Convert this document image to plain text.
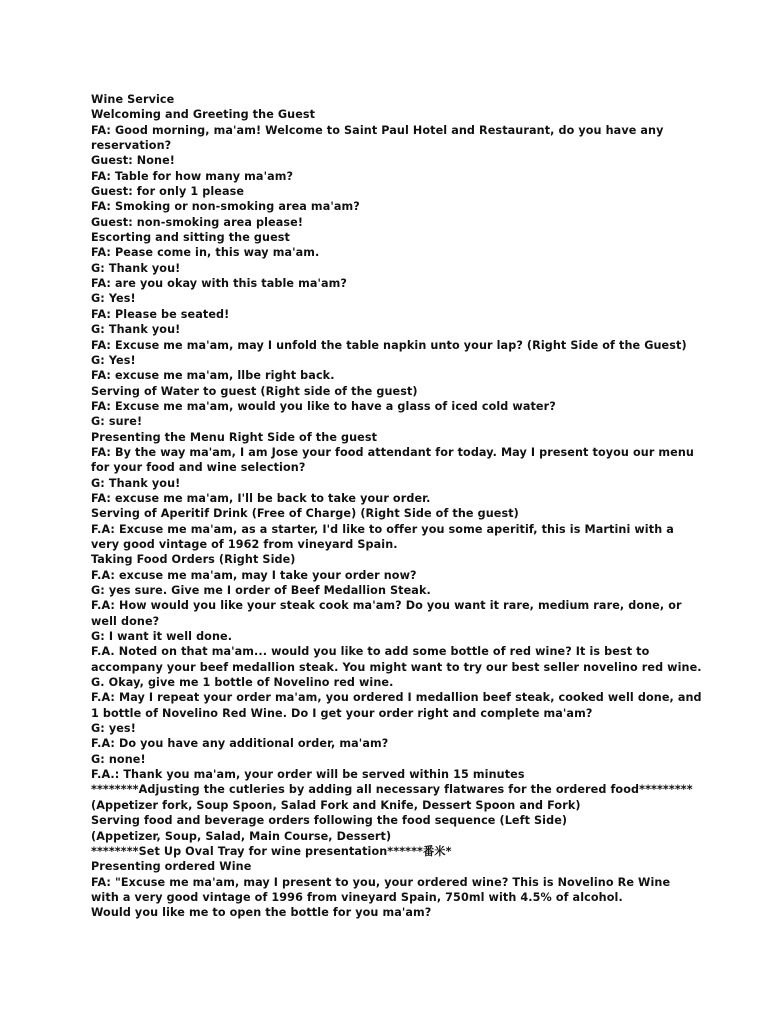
Wine Service
Welcoming and Greeting the Guest
FA: Good morning, ma'am! Welcome to Saint Paul Hotel and Restaurant, do you have any
reservation?
Guest: None!
FA: Table for how many ma'am?
Guest: for only 1 please
FA: Smoking or non-smoking area ma'am?
Guest: non-smoking area please!
Escorting and sitting the guest
FA: Pease come in, this way ma'am.
G: Thank you!
FA: are you okay with this table ma'am?
G: Yes!
FA: Please be seated!
G: Thank you!
FA: Excuse me ma'am, may I unfold the table napkin unto your lap? (Right Side of the Guest)
G: Yes!
FA: excuse me ma'am, llbe right back.
Serving of Water to guest (Right side of the guest)
FA: Excuse me ma'am, would you like to have a glass of iced cold water?
G: sure!
Presenting the Menu Right Side of the guest
FA: By the way ma'am, I am Jose your food attendant for today. May I present toyou our menu
for your food and wine selection?
G: Thank you!
FA: excuse me ma'am, I'll be back to take your order.
Serving of Aperitif Drink (Free of Charge) (Right Side of the guest)
F.A: Excuse me ma'am, as a starter, I'd like to offer you some aperitif, this is Martini with a
very good vintage of 1962 from vineyard Spain.
Taking Food Orders (Right Side)
F.A: excuse me ma'am, may I take your order now?
G: yes sure. Give me I order of Beef Medallion Steak.
F.A: How would you like your steak cook ma'am? Do you want it rare, medium rare, done, or
well done?
G: I want it well done.
F.A. Noted on that ma'am... would you like to add some bottle of red wine? It is best to
accompany your beef medallion steak. You might want to try our best seller novelino red wine.
G. Okay, give me 1 bottle of Novelino red wine.
F.A: May I repeat your order ma'am, you ordered I medallion beef steak, cooked well done, and
1 bottle of Novelino Red Wine. Do I get your order right and complete ma'am?
G: yes!
F.A: Do you have any additional order, ma'am?
G: none!
F.A.: Thank you ma'am, your order will be served within 15 minutes
********Adjusting the cutleries by adding all necessary flatwares for the ordered food*********
(Appetizer fork, Soup Spoon, Salad Fork and Knife, Dessert Spoon and Fork)
Serving food and beverage orders following the food sequence (Left Side)
(Appetizer, Soup, Salad, Main Course, Dessert)
********Set Up Oval Tray for wine presentation******番米*
Presenting ordered Wine
FA: "Excuse me ma'am, may I present to you, your ordered wine? This is Novelino Re Wine
with a very good vintage of 1996 from vineyard Spain, 750ml with 4.5% of alcohol.
Would you like me to open the bottle for you ma'am?
